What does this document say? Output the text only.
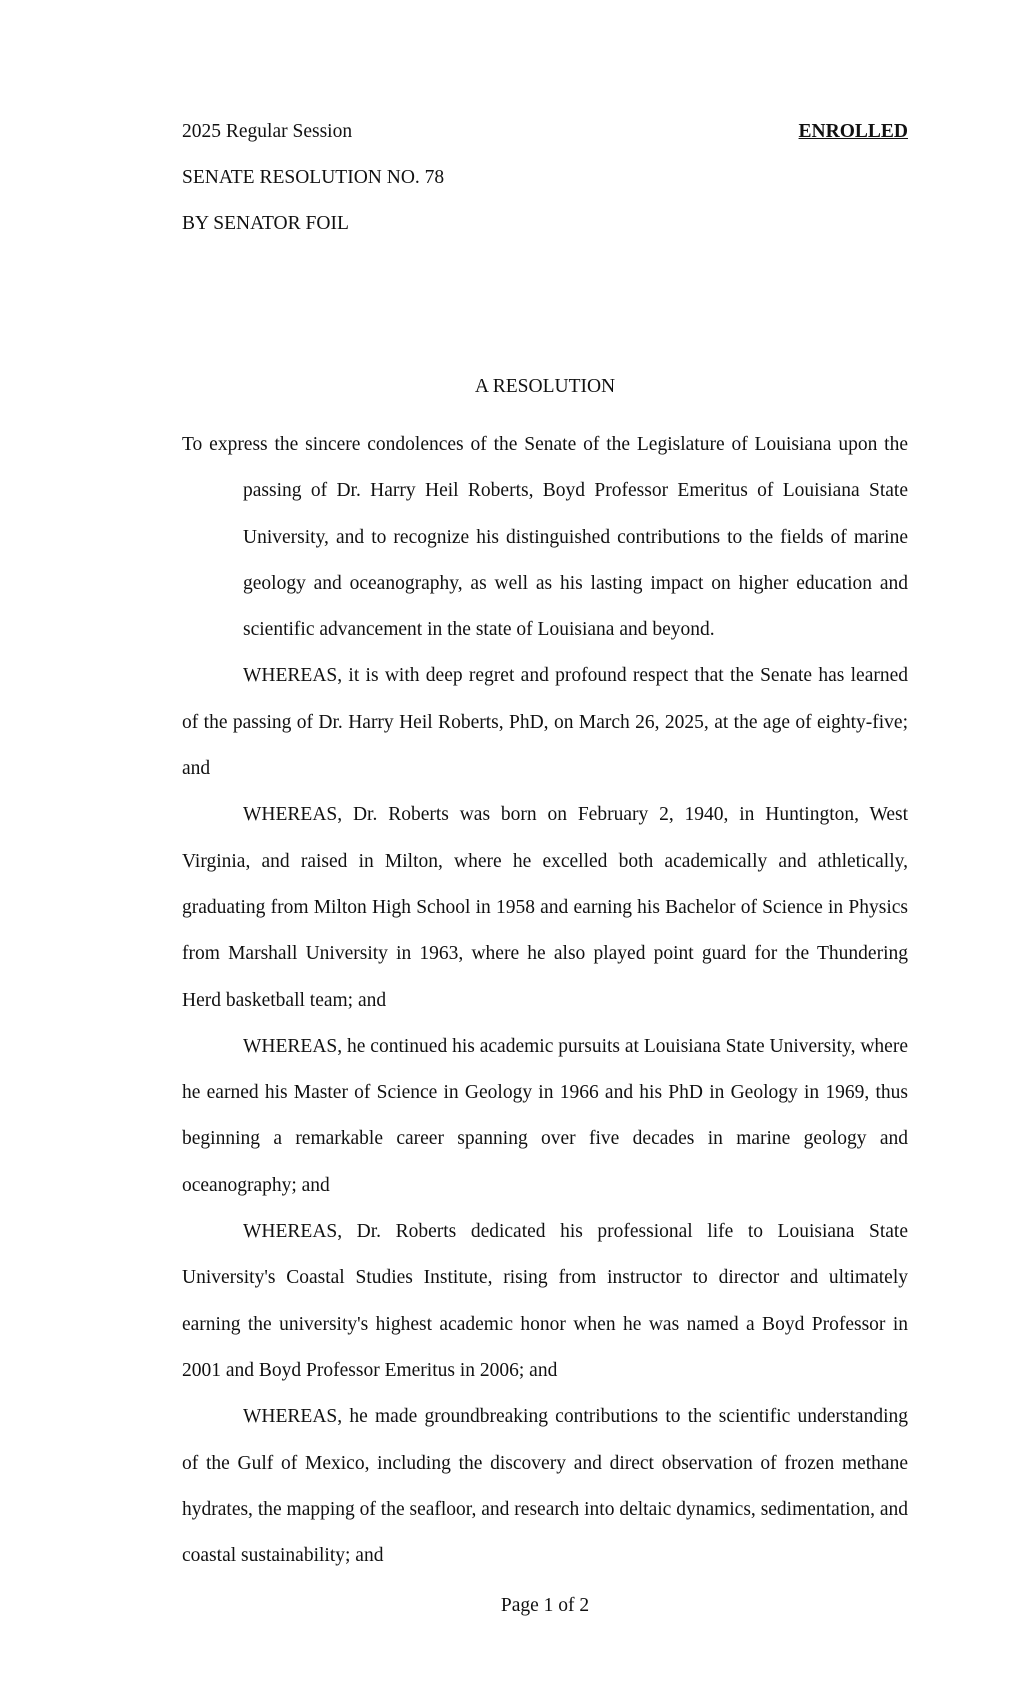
2025 Regular Session	ENROLLED
SENATE RESOLUTION NO. 78
BY SENATOR FOIL
A RESOLUTION

To express the sincere condolences of the Senate of the Legislature of Louisiana upon the passing of Dr. Harry Heil Roberts, Boyd Professor Emeritus of Louisiana State University, and to recognize his distinguished contributions to the fields of marine geology and oceanography, as well as his lasting impact on higher education and scientific advancement in the state of Louisiana and beyond.

WHEREAS, it is with deep regret and profound respect that the Senate has learned of the passing of Dr. Harry Heil Roberts, PhD, on March 26, 2025, at the age of eighty-five; and

WHEREAS, Dr. Roberts was born on February 2, 1940, in Huntington, West Virginia, and raised in Milton, where he excelled both academically and athletically, graduating from Milton High School in 1958 and earning his Bachelor of Science in Physics from Marshall University in 1963, where he also played point guard for the Thundering Herd basketball team; and

WHEREAS, he continued his academic pursuits at Louisiana State University, where he earned his Master of Science in Geology in 1966 and his PhD in Geology in 1969, thus beginning a remarkable career spanning over five decades in marine geology and oceanography; and

WHEREAS, Dr. Roberts dedicated his professional life to Louisiana State University's Coastal Studies Institute, rising from instructor to director and ultimately earning the university's highest academic honor when he was named a Boyd Professor in 2001 and Boyd Professor Emeritus in 2006; and

WHEREAS, he made groundbreaking contributions to the scientific understanding of the Gulf of Mexico, including the discovery and direct observation of frozen methane hydrates, the mapping of the seafloor, and research into deltaic dynamics, sedimentation, and coastal sustainability; and

Page 1 of 2
